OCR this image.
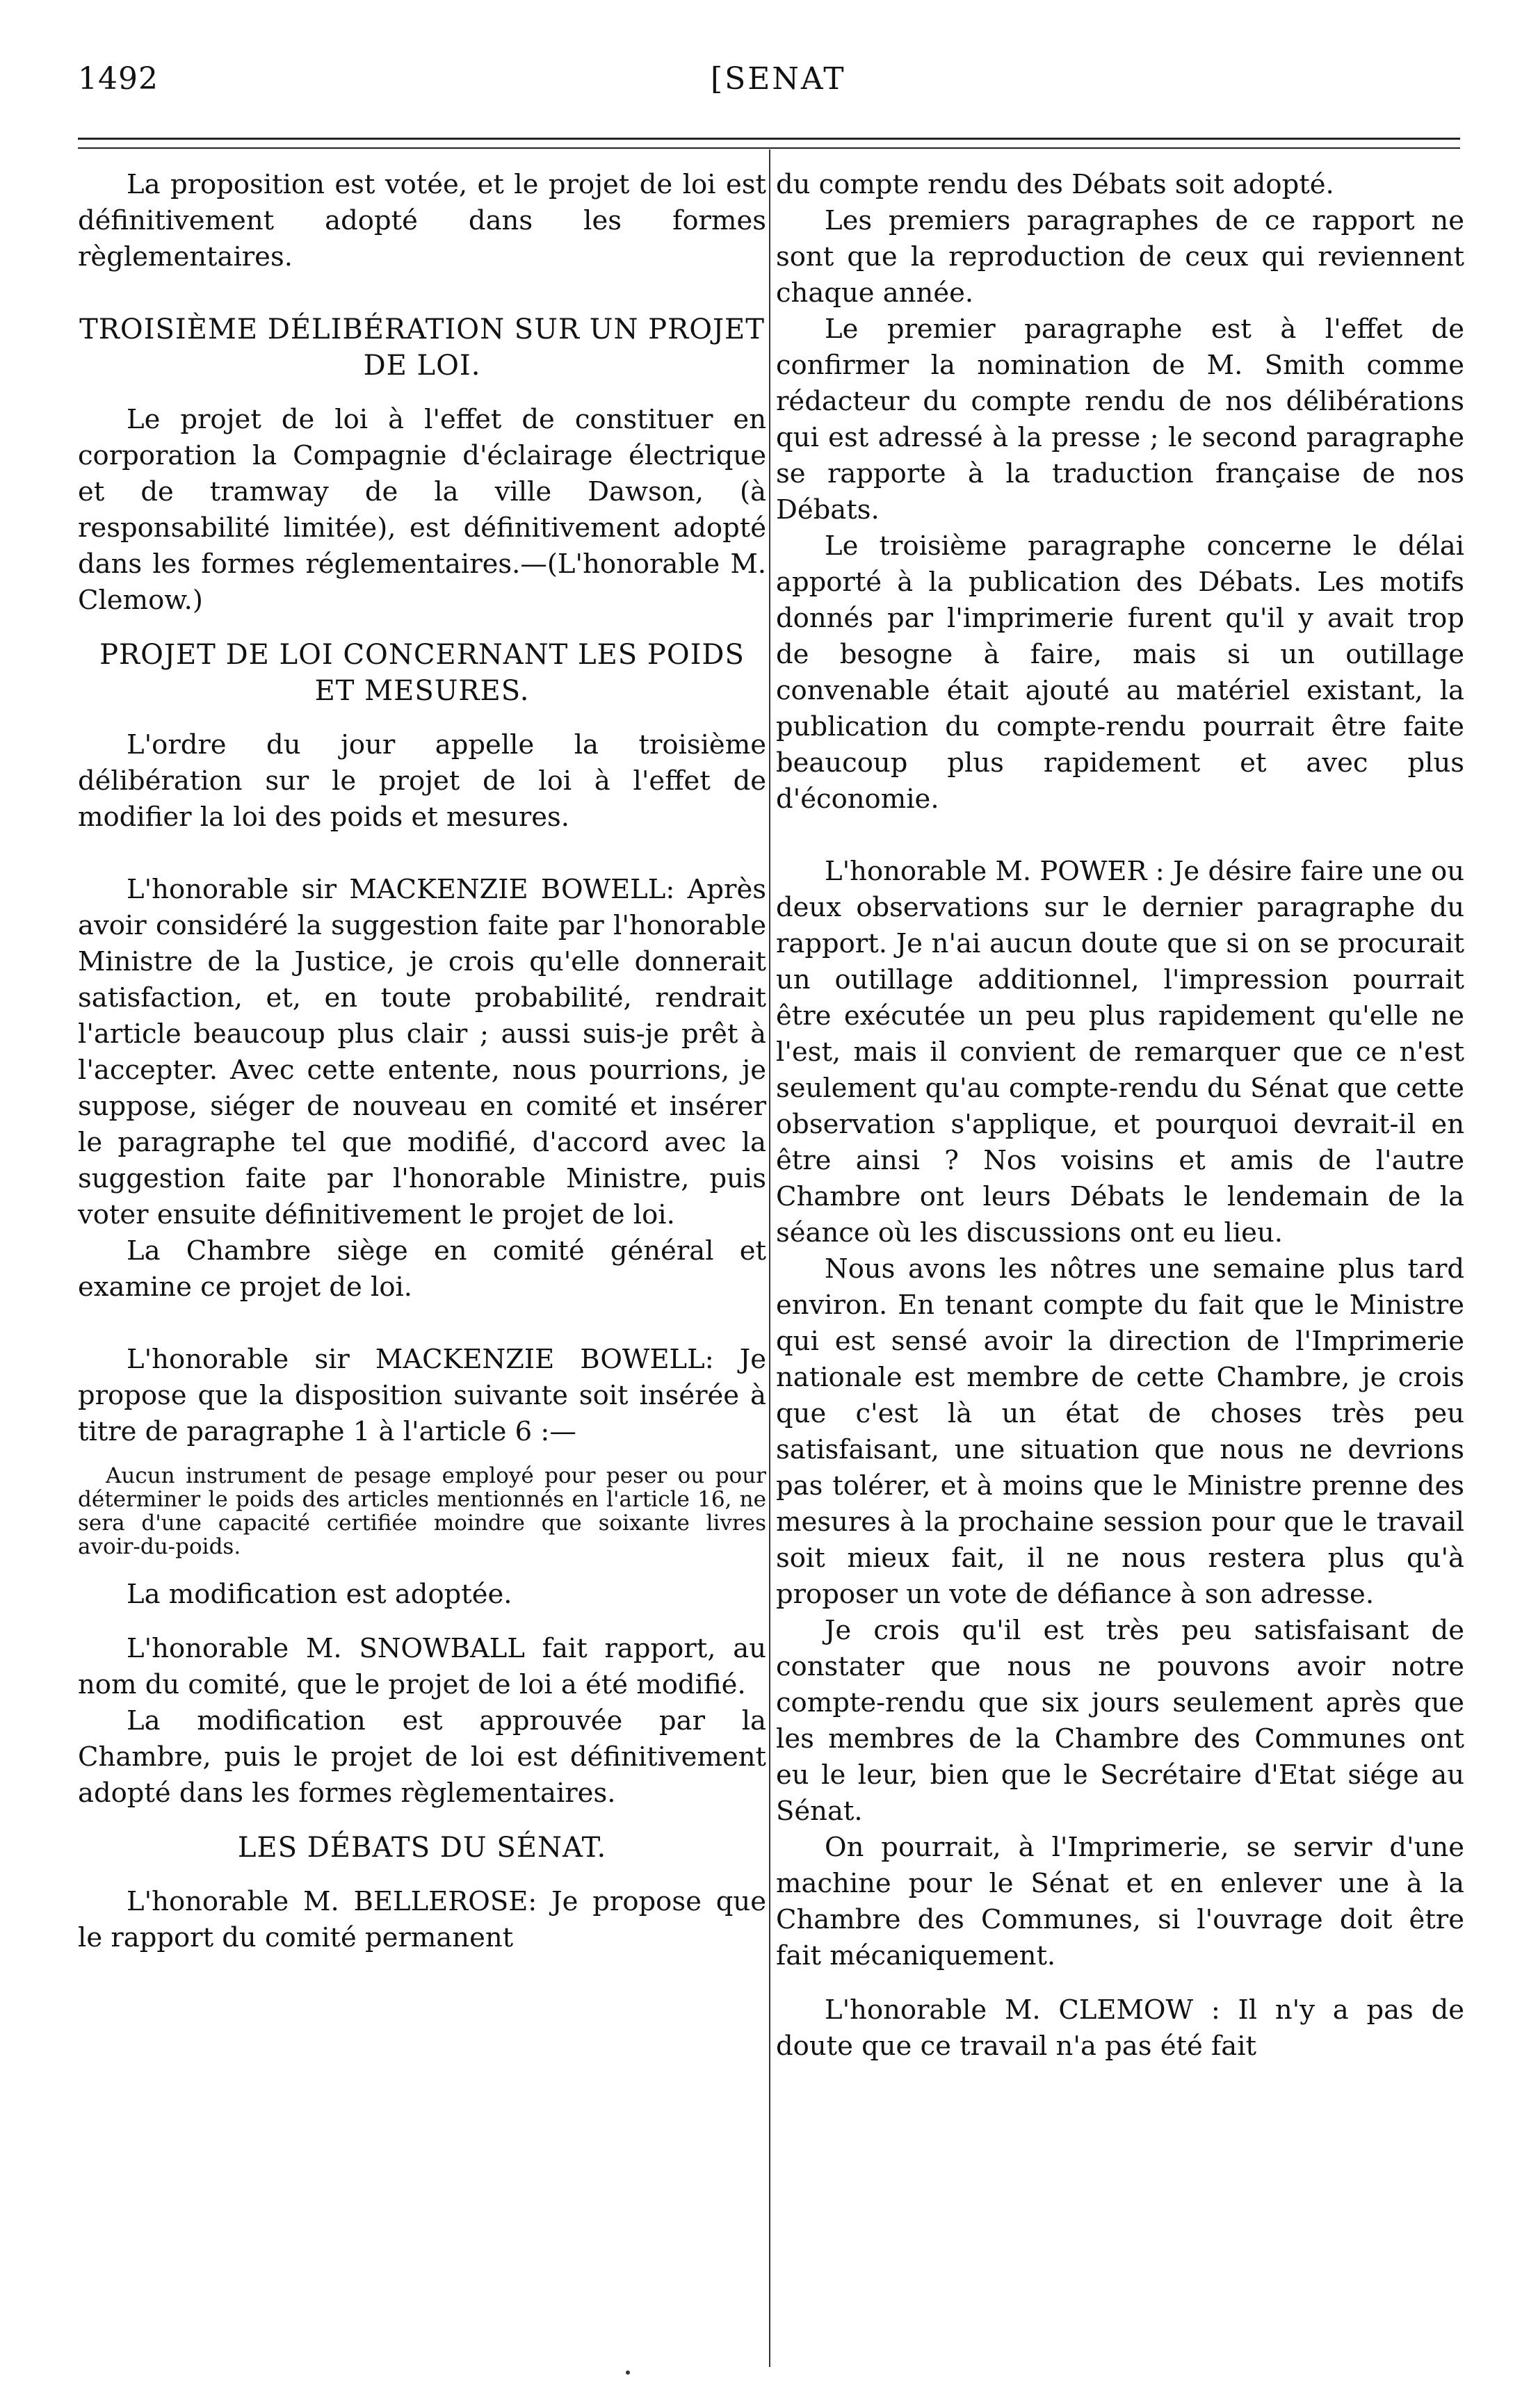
1492	[SENAT

La proposition est votée, et le projet de loi est définitivement adopté dans les formes règlementaires.

TROISIÈME DÉLIBÉRATION SUR UN PROJET DE LOI.

Le projet de loi à l'effet de constituer en corporation la Compagnie d'éclairage électrique et de tramway de la ville Dawson, (à responsabilité limitée), est définitivement adopté dans les formes réglementaires.—(L'honorable M. Clemow.)

PROJET DE LOI CONCERNANT LES POIDS ET MESURES.

L'ordre du jour appelle la troisième délibération sur le projet de loi à l'effet de modifier la loi des poids et mesures.

L'honorable sir MACKENZIE BOWELL: Après avoir considéré la suggestion faite par l'honorable Ministre de la Justice, je crois qu'elle donnerait satisfaction, et, en toute probabilité, rendrait l'article beaucoup plus clair ; aussi suis-je prêt à l'accepter. Avec cette entente, nous pourrions, je suppose, siéger de nouveau en comité et insérer le paragraphe tel que modifié, d'accord avec la suggestion faite par l'honorable Ministre, puis voter ensuite définitivement le projet de loi.

La Chambre siège en comité général et examine ce projet de loi.

L'honorable sir MACKENZIE BOWELL: Je propose que la disposition suivante soit insérée à titre de paragraphe 1 à l'article 6 :—

Aucun instrument de pesage employé pour peser ou pour déterminer le poids des articles mentionnés en l'article 16, ne sera d'une capacité certifiée moindre que soixante livres avoir-du-poids.

La modification est adoptée.

L'honorable M. SNOWBALL fait rapport, au nom du comité, que le projet de loi a été modifié.

La modification est approuvée par la Chambre, puis le projet de loi est définitivement adopté dans les formes règlementaires.

LES DÉBATS DU SÉNAT.

L'honorable M. BELLEROSE: Je propose que le rapport du comité permanent

du compte rendu des Débats soit adopté.

Les premiers paragraphes de ce rapport ne sont que la reproduction de ceux qui reviennent chaque année.

Le premier paragraphe est à l'effet de confirmer la nomination de M. Smith comme rédacteur du compte rendu de nos délibérations qui est adressé à la presse ; le second paragraphe se rapporte à la traduction française de nos Débats.

Le troisième paragraphe concerne le délai apporté à la publication des Débats. Les motifs donnés par l'imprimerie furent qu'il y avait trop de besogne à faire, mais si un outillage convenable était ajouté au matériel existant, la publication du compte-rendu pourrait être faite beaucoup plus rapidement et avec plus d'économie.

L'honorable M. POWER : Je désire faire une ou deux observations sur le dernier paragraphe du rapport. Je n'ai aucun doute que si on se procurait un outillage additionnel, l'impression pourrait être exécutée un peu plus rapidement qu'elle ne l'est, mais il convient de remarquer que ce n'est seulement qu'au compte-rendu du Sénat que cette observation s'applique, et pourquoi devrait-il en être ainsi ? Nos voisins et amis de l'autre Chambre ont leurs Débats le lendemain de la séance où les discussions ont eu lieu.

Nous avons les nôtres une semaine plus tard environ. En tenant compte du fait que le Ministre qui est sensé avoir la direction de l'Imprimerie nationale est membre de cette Chambre, je crois que c'est là un état de choses très peu satisfaisant, une situation que nous ne devrions pas tolérer, et à moins que le Ministre prenne des mesures à la prochaine session pour que le travail soit mieux fait, il ne nous restera plus qu'à proposer un vote de défiance à son adresse.

Je crois qu'il est très peu satisfaisant de constater que nous ne pouvons avoir notre compte-rendu que six jours seulement après que les membres de la Chambre des Communes ont eu le leur, bien que le Secrétaire d'Etat siége au Sénat.

On pourrait, à l'Imprimerie, se servir d'une machine pour le Sénat et en enlever une à la Chambre des Communes, si l'ouvrage doit être fait mécaniquement.

L'honorable M. CLEMOW : Il n'y a pas de doute que ce travail n'a pas été fait
